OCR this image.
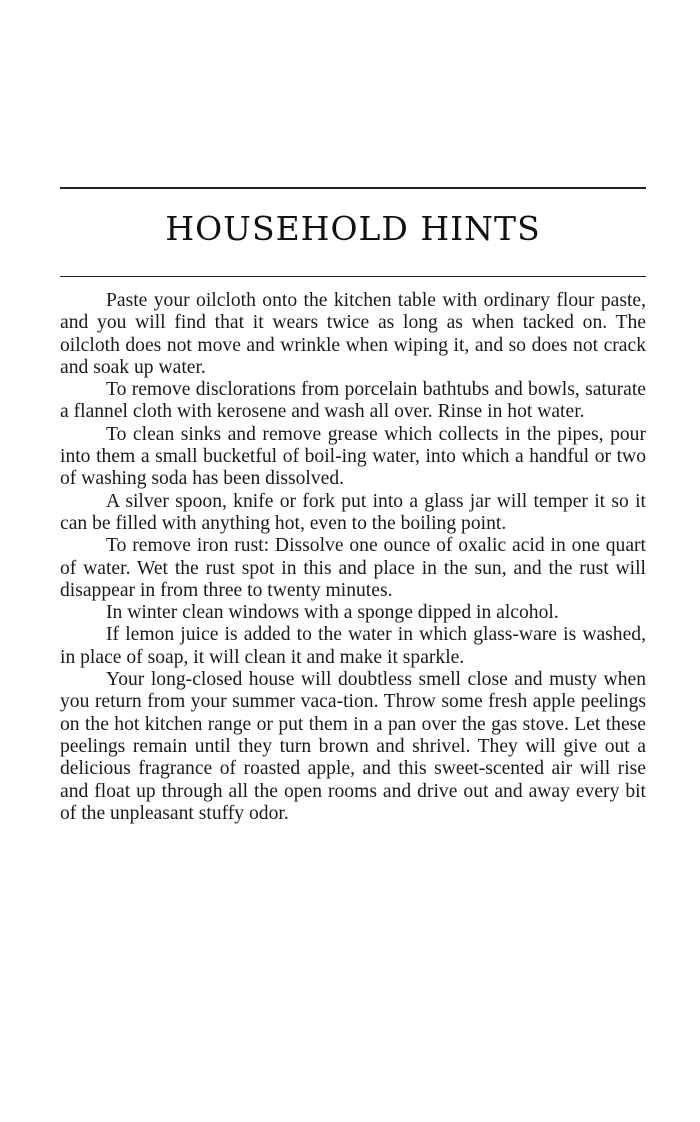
HOUSEHOLD HINTS

Paste your oilcloth onto the kitchen table with ordinary flour paste, and you will find that it wears twice as long as when tacked on. The oilcloth does not move and wrinkle when wiping it, and so does not crack and soak up water.

To remove disclorations from porcelain bathtubs and bowls, saturate a flannel cloth with kerosene and wash all over. Rinse in hot water.

To clean sinks and remove grease which collects in the pipes, pour into them a small bucketful of boil-ing water, into which a handful or two of washing soda has been dissolved.

A silver spoon, knife or fork put into a glass jar will temper it so it can be filled with anything hot, even to the boiling point.

To remove iron rust: Dissolve one ounce of oxalic acid in one quart of water. Wet the rust spot in this and place in the sun, and the rust will disappear in from three to twenty minutes.

In winter clean windows with a sponge dipped in alcohol.

If lemon juice is added to the water in which glass-ware is washed, in place of soap, it will clean it and make it sparkle.

Your long-closed house will doubtless smell close and musty when you return from your summer vaca-tion. Throw some fresh apple peelings on the hot kitchen range or put them in a pan over the gas stove. Let these peelings remain until they turn brown and shrivel. They will give out a delicious fragrance of roasted apple, and this sweet-scented air will rise and float up through all the open rooms and drive out and away every bit of the unpleasant stuffy odor.
